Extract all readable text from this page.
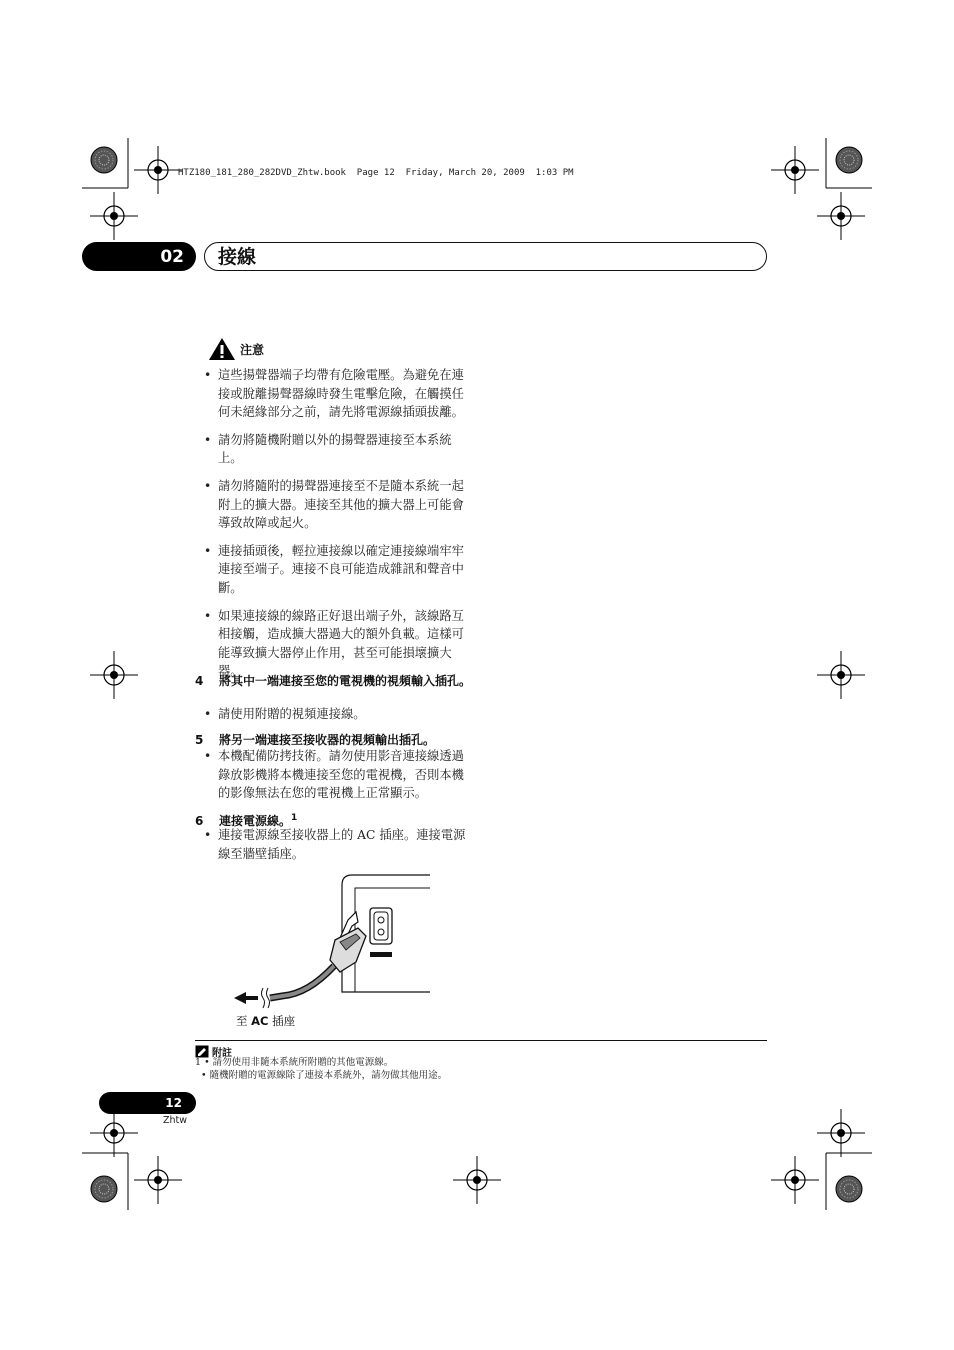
HTZ180_181_280_282DVD_Zhtw.book  Page 12  Friday, March 20, 2009  1:03 PM
02	接線
注意
• 這些揚聲器端子均帶有危險電壓。為避免在連接或脫離揚聲器線時發生電擊危險，在觸摸任何未絕緣部分之前，請先將電源線插頭拔離。
• 請勿將隨機附贈以外的揚聲器連接至本系統上。
• 請勿將隨附的揚聲器連接至不是隨本系統一起附上的擴大器。連接至其他的擴大器上可能會導致故障或起火。
• 連接插頭後，輕拉連接線以確定連接線端牢牢連接至端子。連接不良可能造成雜訊和聲音中斷。
• 如果連接線的線路正好退出端子外，該線路互相接觸，造成擴大器過大的額外負載。這樣可能導致擴大器停止作用，甚至可能損壞擴大器。
4 將其中一端連接至您的電視機的視頻輸入插孔。
• 請使用附贈的視頻連接線。
5 將另一端連接至接收器的視頻輸出插孔。
• 本機配備防拷技術。請勿使用影音連接線透過錄放影機將本機連接至您的電視機，否則本機的影像無法在您的電視機上正常顯示。
6 連接電源線。$^1$
• 連接電源線至接收器上的 AC 插座。連接電源線至牆壁插座。
至 AC 插座
附註
1 • 請勿使用非隨本系統所附贈的其他電源線。
• 隨機附贈的電源線除了連接本系統外，請勿做其他用途。
12
Zhtw
